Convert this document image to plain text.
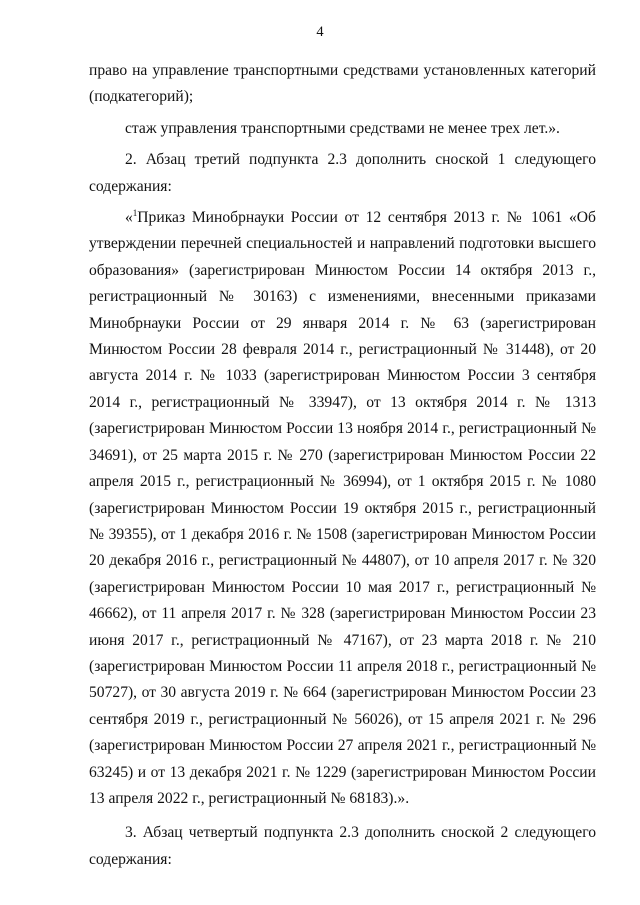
4

право на управление транспортными средствами установленных категорий (подкатегорий);

стаж управления транспортными средствами не менее трех лет.».

2. Абзац третий подпункта 2.3 дополнить сноской 1 следующего содержания:

«$^1$Приказ Минобрнауки России от 12 сентября 2013 г. № 1061 «Об утверждении перечней специальностей и направлений подготовки высшего образования» (зарегистрирован Минюстом России 14 октября 2013 г., регистрационный № 30163) с изменениями, внесенными приказами Минобрнауки России от 29 января 2014 г. № 63 (зарегистрирован Минюстом России 28 февраля 2014 г., регистрационный № 31448), от 20 августа 2014 г. № 1033 (зарегистрирован Минюстом России 3 сентября 2014 г., регистрационный № 33947), от 13 октября 2014 г. № 1313 (зарегистрирован Минюстом России 13 ноября 2014 г., регистрационный № 34691), от 25 марта 2015 г. № 270 (зарегистрирован Минюстом России 22 апреля 2015 г., регистрационный № 36994), от 1 октября 2015 г. № 1080 (зарегистрирован Минюстом России 19 октября 2015 г., регистрационный № 39355), от 1 декабря 2016 г. № 1508 (зарегистрирован Минюстом России 20 декабря 2016 г., регистрационный № 44807), от 10 апреля 2017 г. № 320 (зарегистрирован Минюстом России 10 мая 2017 г., регистрационный № 46662), от 11 апреля 2017 г. № 328 (зарегистрирован Минюстом России 23 июня 2017 г., регистрационный № 47167), от 23 марта 2018 г. № 210 (зарегистрирован Минюстом России 11 апреля 2018 г., регистрационный № 50727), от 30 августа 2019 г. № 664 (зарегистрирован Минюстом России 23 сентября 2019 г., регистрационный № 56026), от 15 апреля 2021 г. № 296 (зарегистрирован Минюстом России 27 апреля 2021 г., регистрационный № 63245) и от 13 декабря 2021 г. № 1229 (зарегистрирован Минюстом России 13 апреля 2022 г., регистрационный № 68183).».

3. Абзац четвертый подпункта 2.3 дополнить сноской 2 следующего содержания:
